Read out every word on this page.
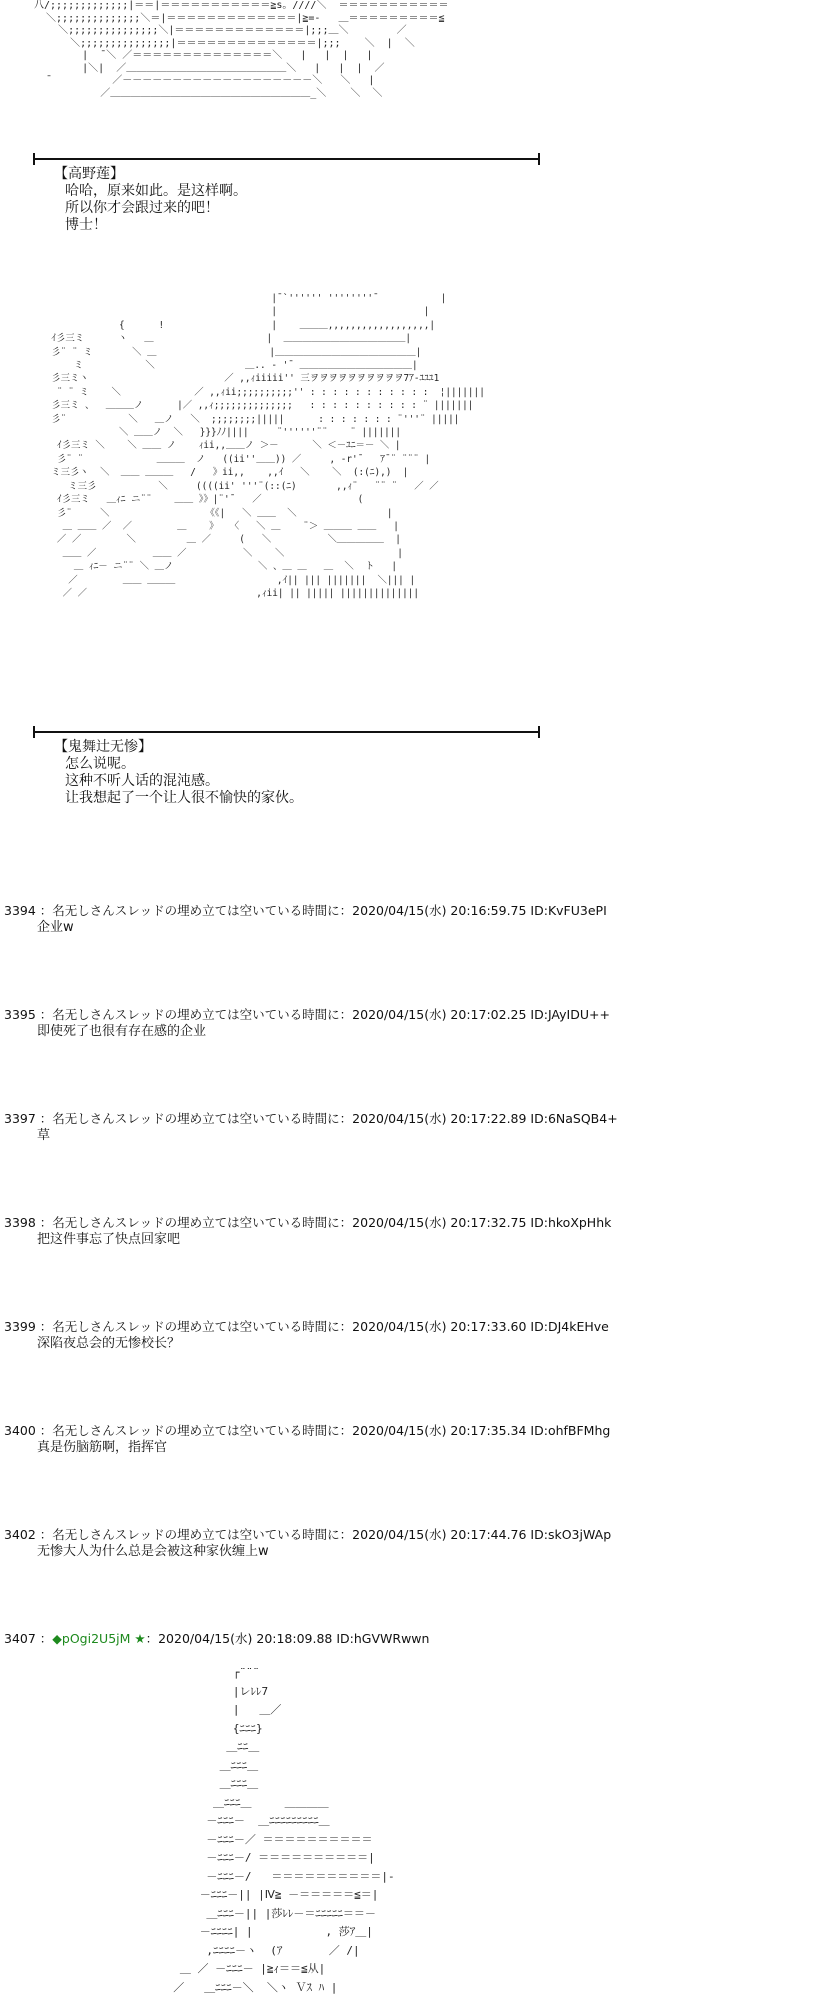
八/;;;;;;;;;;;;;|＝＝|＝＝＝＝＝＝＝＝＝＝＝≧s。////＼  ＝＝＝＝＝＝＝＝＝＝＝
＼;;;;;;;;;;;;;;＼＝|＝＝＝＝＝＝＝＝＝＝＝＝＝|≧=-   ＿＝＝＝＝＝＝＝＝＝≦
＼;;;;;;;;;;;;;;;＼|＝＝＝＝＝＝＝＝＝＝＝＝＝|;;;＿＼        ／
＼;;;;;;;;;;;;;;;|＝＝＝＝＝＝＝＝＝＝＝＝＝＝|;;;    ＼  |  ＼
|  ¯＼ ／＝＝＝＝＝＝＝＝＝＝＝＝＝＝＼   |   |  |   |
|＼|  ／＿＿＿＿＿＿＿＿＿＿＿＿＿＿＿＿＼   |   |  |  ／
¯          ／－－－－－－－－－－－－－－－－－－－＼   ＼   |
／＿＿＿＿＿＿＿＿＿＿＿＿＿＿＿＿＿＿＿＿_＼    ＼  ＼
【高野莲】
哈哈，原来如此。是这样啊。
所以你才会跟过来的吧！
博士！
|¯`'''''' ''''''''¯           |
|                          |
{      !                   |    ＿＿＿,,,,,,,,,,,,,,,,,,|
ｲ彡三ミ      ヽ   ＿                    |  ＿＿＿＿＿＿＿＿＿＿＿＿＿|
彡¨ ¨ ミ       ＼ ＿                    |＿＿＿＿＿＿＿＿＿＿＿＿＿＿＿|
ミ           ＼                ＿.. - '¯ ＿＿＿＿＿＿＿＿＿＿＿＿|
彡三ミヽ                        ／ ,,ｨiiiii'' 三ヲヲヲヲヲヲヲヲヲヲ7ｱ‐ﾕﾕﾕ1
¨ ¨ ミ    ＼             ／ ,,ｨii;;;;;;;;;;'' : : : : : : : : : : :  ¦|||||||
彡三ミ 、  ＿＿＿ノ      |／ ,,ｨ;;;;;;;;;;;;;;   : : : : : : : : : : ¨ |||||||
彡¨           ＼   ＿ノ   ＼  ;;;;;;;;|||||      : : : : : : : ¨'''¨ |||||
＼ ＿＿ノ  ＼   }}}ﾉﾉ||||     ¨''''''¨¨    ¨ |||||||
ｲ彡三ミ ＼    ＼ ＿＿ ノ    ｨii,,＿＿ノ ＞－      ＼ ＜－ﾕﾆ＝－ ＼ |
彡¨ ¨             ＿＿＿  ノ   ((ii''＿＿)) ／     , -r'¯   ｱ¯¨ ¨¨¨ |
ミ三彡ヽ  ＼  ＿＿ ＿＿＿   /   》ii,,    ,,ｲ   ＼    ＼  (:(ﾆ),)  |
ミ三彡           ＼     ((((ii' '''¨(::(ﾆ)       ,,ｨ¨   ¨¨ ¨   ／ ／
ｲ彡三ミ   ＿ｨﾆ ニ¨¨    ＿＿ 》》|¨'¯   ／                 (
彡¨     ＼                 《《|   ＼ ＿＿  ＼                |
＿ ＿＿ ／  ／        ＿    》  〈   ＼ ＿    ¨＞ ＿＿＿ ＿＿   |
／ ／        ＼         ＿ ／     (   ＼          ＼＿＿＿＿＿  |
＿＿ ／          ＿＿ ／          ＼    ＼                    |
＿ ｨﾆ－ ニ¨¨ ＼ ＿ノ               ＼ 、＿ ＿   ＿  ＼  ト   |
／        ＿＿ ＿＿＿                  ,ｲ|| ||| |||||||  ＼||| |
／ ／                              ,ｨii| || ||||| ||||||||||||||
【鬼舞辻无惨】
怎么说呢。
这种不听人话的混沌感。
让我想起了一个让人很不愉快的家伙。
3394 ：名无しさんスレッドの埋め立ては空いている時間に：2020/04/15(水) 20:16:59.75 ID:KvFU3ePI
企业w
3395 ：名无しさんスレッドの埋め立ては空いている時間に：2020/04/15(水) 20:17:02.25 ID:JAyIDU++
即使死了也很有存在感的企业
3397 ：名无しさんスレッドの埋め立ては空いている時間に：2020/04/15(水) 20:17:22.89 ID:6NaSQB4+
草
3398 ：名无しさんスレッドの埋め立ては空いている時間に：2020/04/15(水) 20:17:32.75 ID:hkoXpHhk
把这件事忘了快点回家吧
3399 ：名无しさんスレッドの埋め立ては空いている時間に：2020/04/15(水) 20:17:33.60 ID:DJ4kEHve
深陷夜总会的无惨校长？
3400 ：名无しさんスレッドの埋め立ては空いている時間に：2020/04/15(水) 20:17:35.34 ID:ohfBFMhg
真是伤脑筋啊，指挥官
3402 ：名无しさんスレッドの埋め立ては空いている時間に：2020/04/15(水) 20:17:44.76 ID:skO3jWAp
无惨大人为什么总是会被这种家伙缠上w
3407 ：◆pOgi2U5jM ★：2020/04/15(水) 20:18:09.88 ID:hGVWRwwn
┌¨¨¨
|レﾚﾚ7
|   ＿／
{ﾆﾆﾆ}
＿ﾆﾆ＿
＿ﾆﾆﾆ＿
＿ﾆﾆﾆ＿
＿ﾆﾆﾆ＿     ＿＿＿＿
－ﾆﾆﾆ－  ＿ﾆﾆﾆﾆﾆﾆﾆﾆﾆ＿
－ﾆﾆﾆ－／ ＝＝＝＝＝＝＝＝＝＝
－ﾆﾆﾆ－/ ＝＝＝＝＝＝＝＝＝＝|
－ﾆﾆﾆ－/   ＝＝＝＝＝＝＝＝＝＝|-
－ﾆﾆﾆ－|| |Ⅳ≧ －＝＝＝＝＝≦＝|
＿ﾆﾆﾆ－|| |莎ﾚﾚ－＝ﾆﾆﾆﾆﾆ＝＝－
－ﾆﾆﾆﾆ| |           , 莎ｱ＿|
,ﾆﾆﾆﾆ－ヽ  (ｱ       ／ /|
＿ ／ －ﾆﾆﾆ－ |≧ｨ＝＝≦从|
／   ＿ﾆﾆﾆ－＼  ＼ヽ Ｖｽ ﾊ |
